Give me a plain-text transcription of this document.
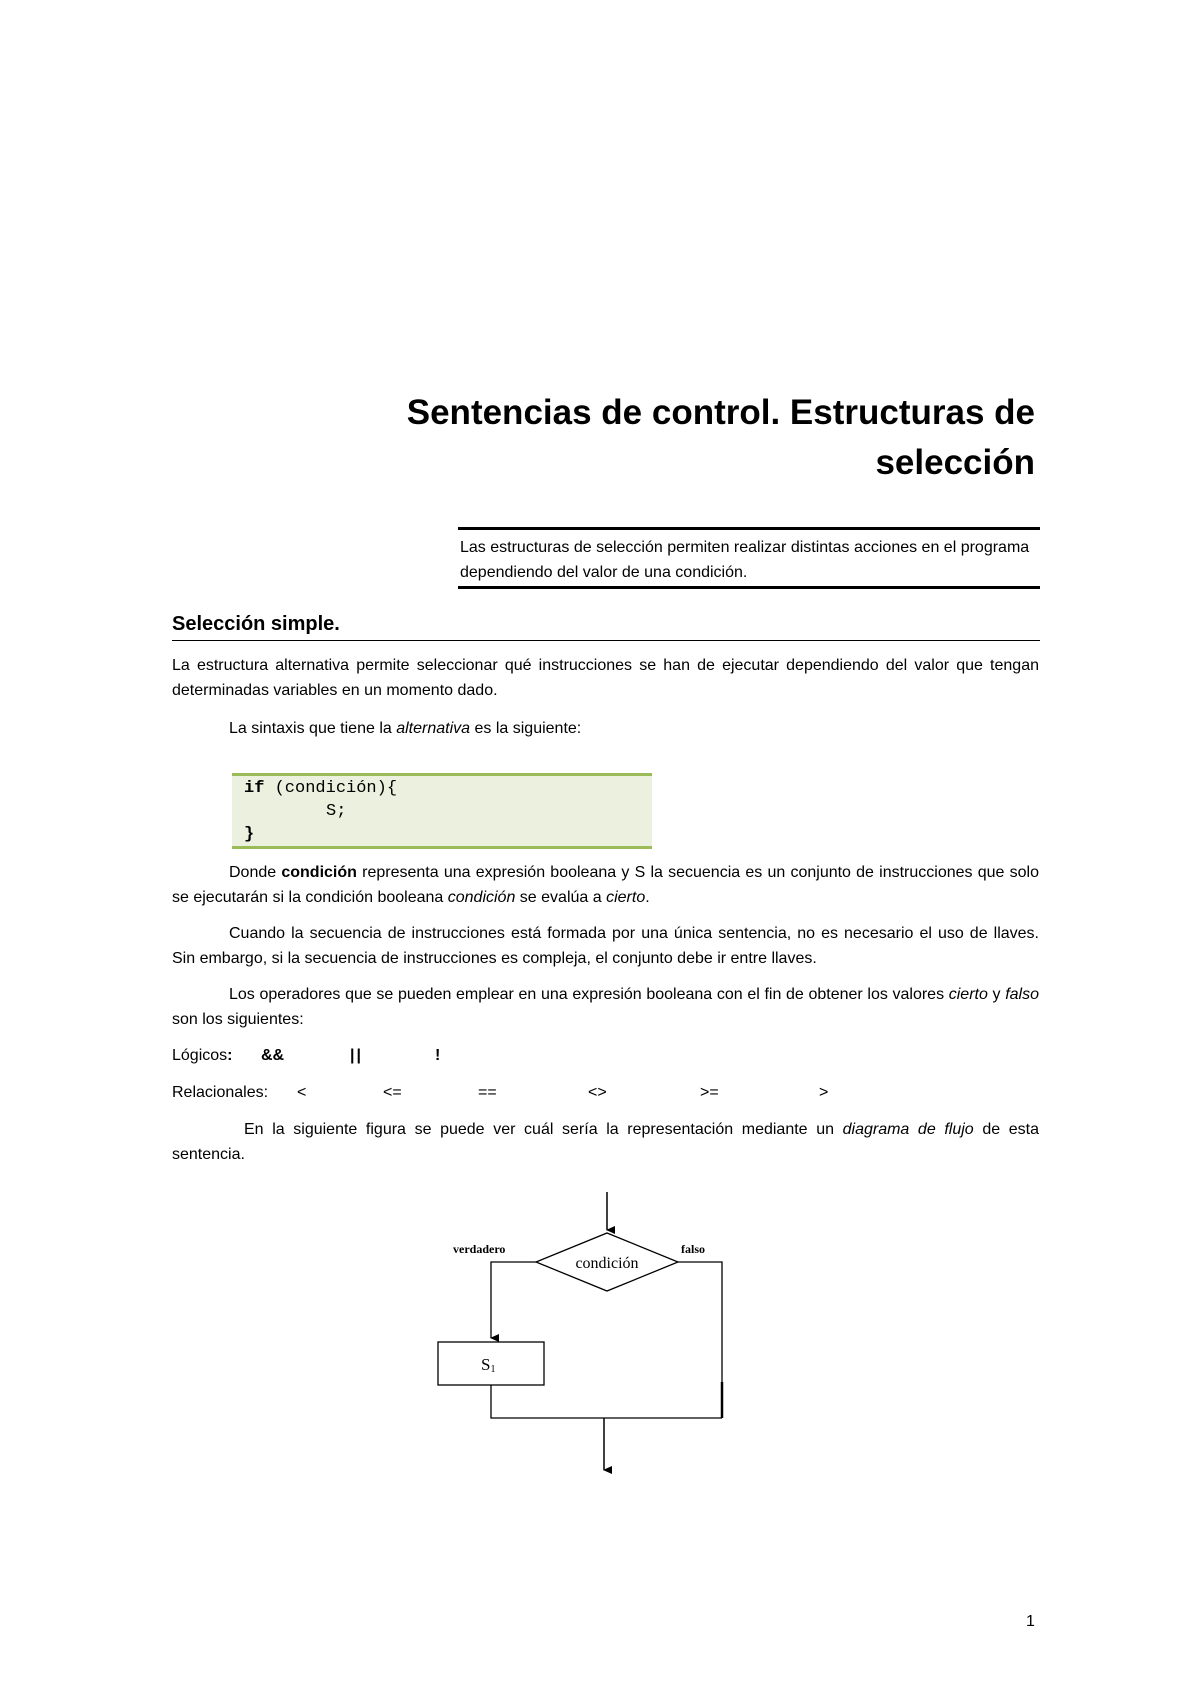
Sentencias de control. Estructuras de
selección
Las estructuras de selección permiten realizar distintas acciones en el programa dependiendo del valor de una condición.
Selección simple.
La estructura alternativa permite seleccionar qué instrucciones se han de ejecutar dependiendo del valor que tengan determinadas variables en un momento dado.
La sintaxis que tiene la alternativa es la siguiente:
if (condición){
S;
}
Donde condición representa una expresión booleana y S la secuencia es un conjunto de instrucciones que solo se ejecutarán si la condición booleana condición se evalúa a cierto.
Cuando la secuencia de instrucciones está formada por una única sentencia, no es necesario el uso de llaves. Sin embargo, si la secuencia de instrucciones es compleja, el conjunto debe ir entre llaves.
Los operadores que se pueden emplear en una expresión booleana con el fin de obtener los valores cierto y falso son los siguientes:
Lógicos: &&	||	!
Relacionales: <	<=	==	<>	>=	>
En la siguiente figura se puede ver cuál sería la representación mediante un diagrama de flujo de esta sentencia.
condición
verdadero	falso
S1
1
